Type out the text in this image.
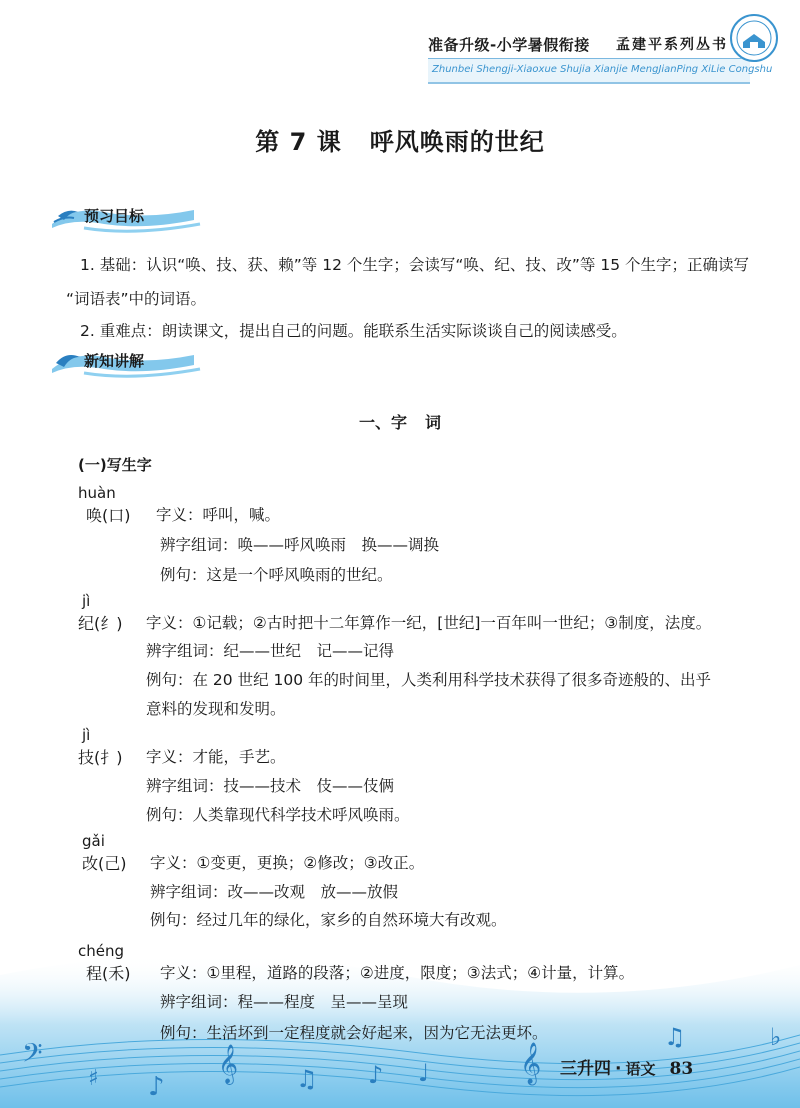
准备升级-小学暑假衔接 孟建平系列丛书
Zhunbei Shengji-Xiaoxue Shujia Xianjie MengJianPing XiLie Congshu
第 7 课 呼风唤雨的世纪
预习目标
1. 基础：认识“唤、技、获、赖”等 12 个生字；会读写“唤、纪、技、改”等 15 个生字；正确读写
“词语表”中的词语。
2. 重难点：朗读课文，提出自己的问题。能联系生活实际谈谈自己的阅读感受。
新知讲解
一、字 词
(一)写生字
huàn
唤(口) 字义：呼叫，喊。
辨字组词：唤——呼风唤雨　换——调换
例句：这是一个呼风唤雨的世纪。
jì
纪(纟) 字义：①记载；②古时把十二年算作一纪，[世纪]一百年叫一世纪；③制度，法度。
辨字组词：纪——世纪　记——记得
例句：在 20 世纪 100 年的时间里，人类利用科学技术获得了很多奇迹般的、出乎
意料的发现和发明。
jì
技(扌) 字义：才能，手艺。
辨字组词：技——技术　伎——伎俩
例句：人类靠现代科学技术呼风唤雨。
gǎi
改(己) 字义：①变更，更换；②修改；③改正。
辨字组词：改——改观　放——放假
例句：经过几年的绿化，家乡的自然环境大有改观。
𝄢
♯ ♪
𝄞 ♫ ♪ ♩	𝄞
♫	♭
chéng
程(禾) 字义：①里程，道路的段落；②进度，限度；③法式；④计量，计算。
辨字组词：程——程度　呈——呈现
例句：生活坏到一定程度就会好起来，因为它无法更坏。
三升四 · 语文 83
